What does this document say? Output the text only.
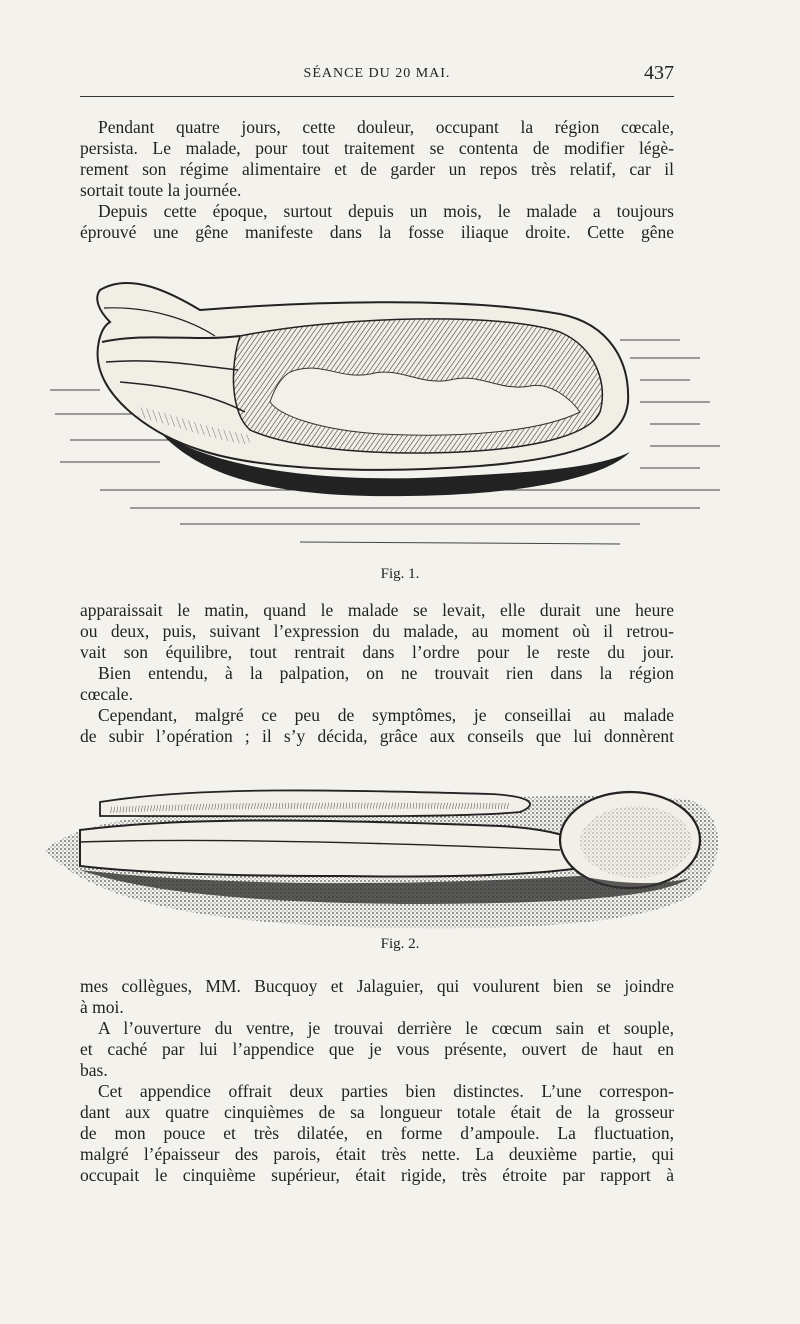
SÉANCE DU 20 MAI.	437
Pendant quatre jours, cette douleur, occupant la région cœcale,
persista. Le malade, pour tout traitement se contenta de modifier légè-
rement son régime alimentaire et de garder un repos très relatif, car il
sortait toute la journée.
Depuis cette époque, surtout depuis un mois, le malade a toujours
éprouvé une gêne manifeste dans la fosse iliaque droite. Cette gêne
Fig. 1.
apparaissait le matin, quand le malade se levait, elle durait une heure
ou deux, puis, suivant l’expression du malade, au moment où il retrou-
vait son équilibre, tout rentrait dans l’ordre pour le reste du jour.
Bien entendu, à la palpation, on ne trouvait rien dans la région
cœcale.
Cependant, malgré ce peu de symptômes, je conseillai au malade
de subir l’opération ; il s’y décida, grâce aux conseils que lui donnèrent
Fig. 2.
mes collègues, MM. Bucquoy et Jalaguier, qui voulurent bien se joindre
à moi.
A l’ouverture du ventre, je trouvai derrière le cœcum sain et souple,
et caché par lui l’appendice que je vous présente, ouvert de haut en
bas.
Cet appendice offrait deux parties bien distinctes. L’une correspon-
dant aux quatre cinquièmes de sa longueur totale était de la grosseur
de mon pouce et très dilatée, en forme d’ampoule. La fluctuation,
malgré l’épaisseur des parois, était très nette. La deuxième partie, qui
occupait le cinquième supérieur, était rigide, très étroite par rapport à
